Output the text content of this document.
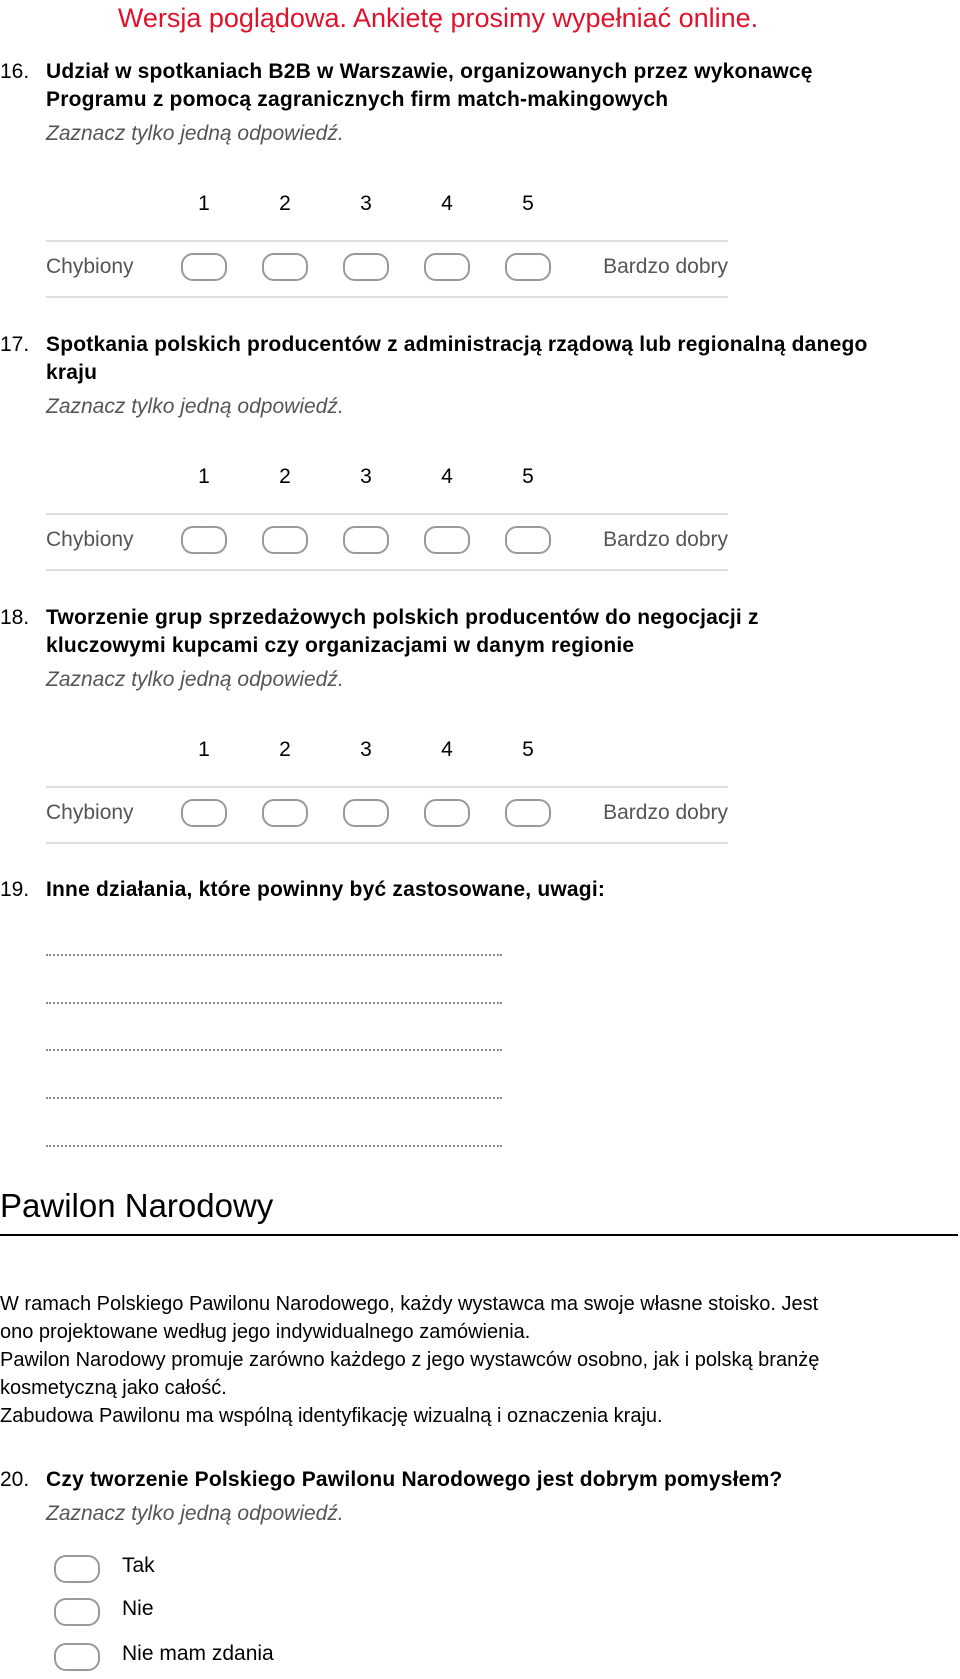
Wersja poglądowa. Ankietę prosimy wypełniać online.
16. Udział w spotkaniach B2B w Warszawie, organizowanych przez wykonawcę
Programu z pomocą zagranicznych firm match-makingowych
Zaznacz tylko jedną odpowiedź.
1	2	3	4	5
Chybiony	Bardzo dobry
17. Spotkania polskich producentów z administracją rządową lub regionalną danego
kraju
Zaznacz tylko jedną odpowiedź.
1	2	3	4	5
Chybiony	Bardzo dobry
18. Tworzenie grup sprzedażowych polskich producentów do negocjacji z
kluczowymi kupcami czy organizacjami w danym regionie
Zaznacz tylko jedną odpowiedź.
1	2	3	4	5
Chybiony	Bardzo dobry
19. Inne działania, które powinny być zastosowane, uwagi:
Pawilon Narodowy
W ramach Polskiego Pawilonu Narodowego, każdy wystawca ma swoje własne stoisko. Jest
ono projektowane według jego indywidualnego zamówienia.
Pawilon Narodowy promuje zarówno każdego z jego wystawców osobno, jak i polską branżę
kosmetyczną jako całość.
Zabudowa Pawilonu ma wspólną identyfikację wizualną i oznaczenia kraju.
20. Czy tworzenie Polskiego Pawilonu Narodowego jest dobrym pomysłem?
Zaznacz tylko jedną odpowiedź.
Tak
Nie
Nie mam zdania
